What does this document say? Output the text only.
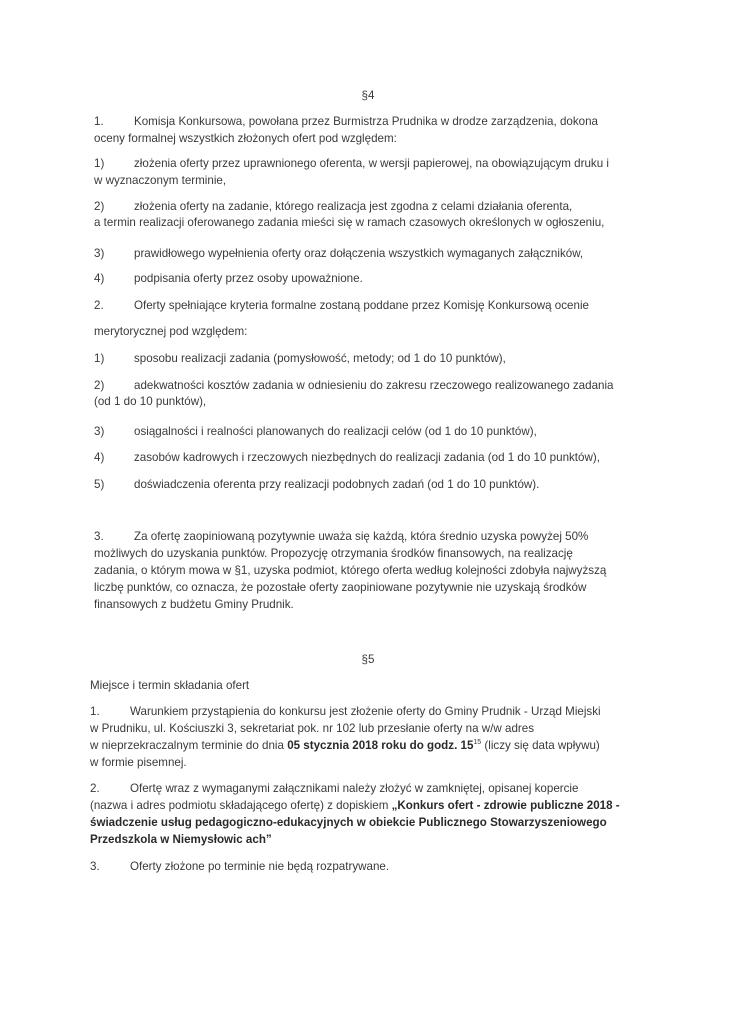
§4
1.	Komisja Konkursowa, powołana przez Burmistrza Prudnika w drodze zarządzenia, dokona
oceny formalnej wszystkich złożonych ofert pod względem:
1)	złożenia oferty przez uprawnionego oferenta, w wersji papierowej, na obowiązującym druku i
w wyznaczonym terminie,
2)	złożenia oferty na zadanie, którego realizacja jest zgodna z celami działania oferenta,
a termin realizacji oferowanego zadania mieści się w ramach czasowych określonych w ogłoszeniu,
3)	prawidłowego wypełnienia oferty oraz dołączenia wszystkich wymaganych załączników,
4)	podpisania oferty przez osoby upoważnione.
2.	Oferty spełniające kryteria formalne zostaną poddane przez Komisję Konkursową ocenie
merytorycznej pod względem:
1)	sposobu realizacji zadania (pomysłowość, metody; od 1 do 10 punktów),
2)	adekwatności kosztów zadania w odniesieniu do zakresu rzeczowego realizowanego zadania
(od 1 do 10 punktów),
3)	osiągalności i realności planowanych do realizacji celów (od 1 do 10 punktów),
4)	zasobów kadrowych i rzeczowych niezbędnych do realizacji zadania (od 1 do 10 punktów),
5)	doświadczenia oferenta przy realizacji podobnych zadań (od 1 do 10 punktów).
3.	Za ofertę zaopiniowaną pozytywnie uważa się każdą, która średnio uzyska powyżej 50%
możliwych do uzyskania punktów. Propozycję otrzymania środków finansowych, na realizację
zadania, o którym mowa w §1, uzyska podmiot, którego oferta według kolejności zdobyła najwyższą
liczbę punktów, co oznacza, że pozostałe oferty zaopiniowane pozytywnie nie uzyskają środków
finansowych z budżetu Gminy Prudnik.
§5
Miejsce i termin składania ofert
1.	Warunkiem przystąpienia do konkursu jest złożenie oferty do Gminy Prudnik - Urząd Miejski
w Prudniku, ul. Kościuszki 3, sekretariat pok. nr 102 lub przesłanie oferty na w/w adres
w nieprzekraczalnym terminie do dnia 05 stycznia 2018 roku do godz. $15^{15}$ (liczy się data wpływu)
w formie pisemnej.
2.	Ofertę wraz z wymaganymi załącznikami należy złożyć w zamkniętej, opisanej kopercie
(nazwa i adres podmiotu składającego ofertę) z dopiskiem „Konkurs ofert - zdrowie publiczne 2018 -
świadczenie usług pedagogiczno-edukacyjnych w obiekcie Publicznego Stowarzyszeniowego
Przedszkola w Niemysłowic ach”
3.	Oferty złożone po terminie nie będą rozpatrywane.
